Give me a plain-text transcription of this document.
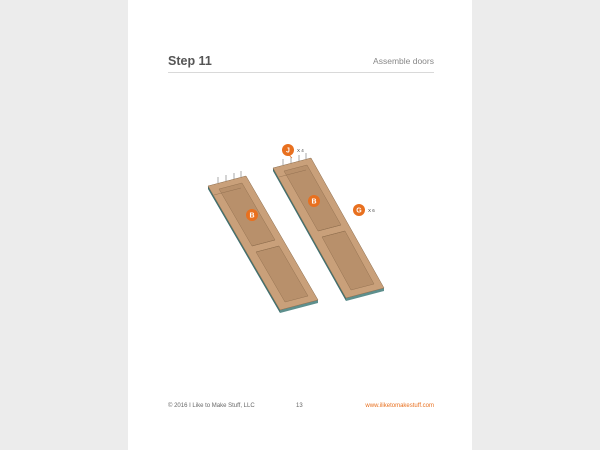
Step 11	Assemble doors
J X 4
B
B
G X 6
© 2016 I Like to Make Stuff, LLC	13	www.iliketomakestuff.com
